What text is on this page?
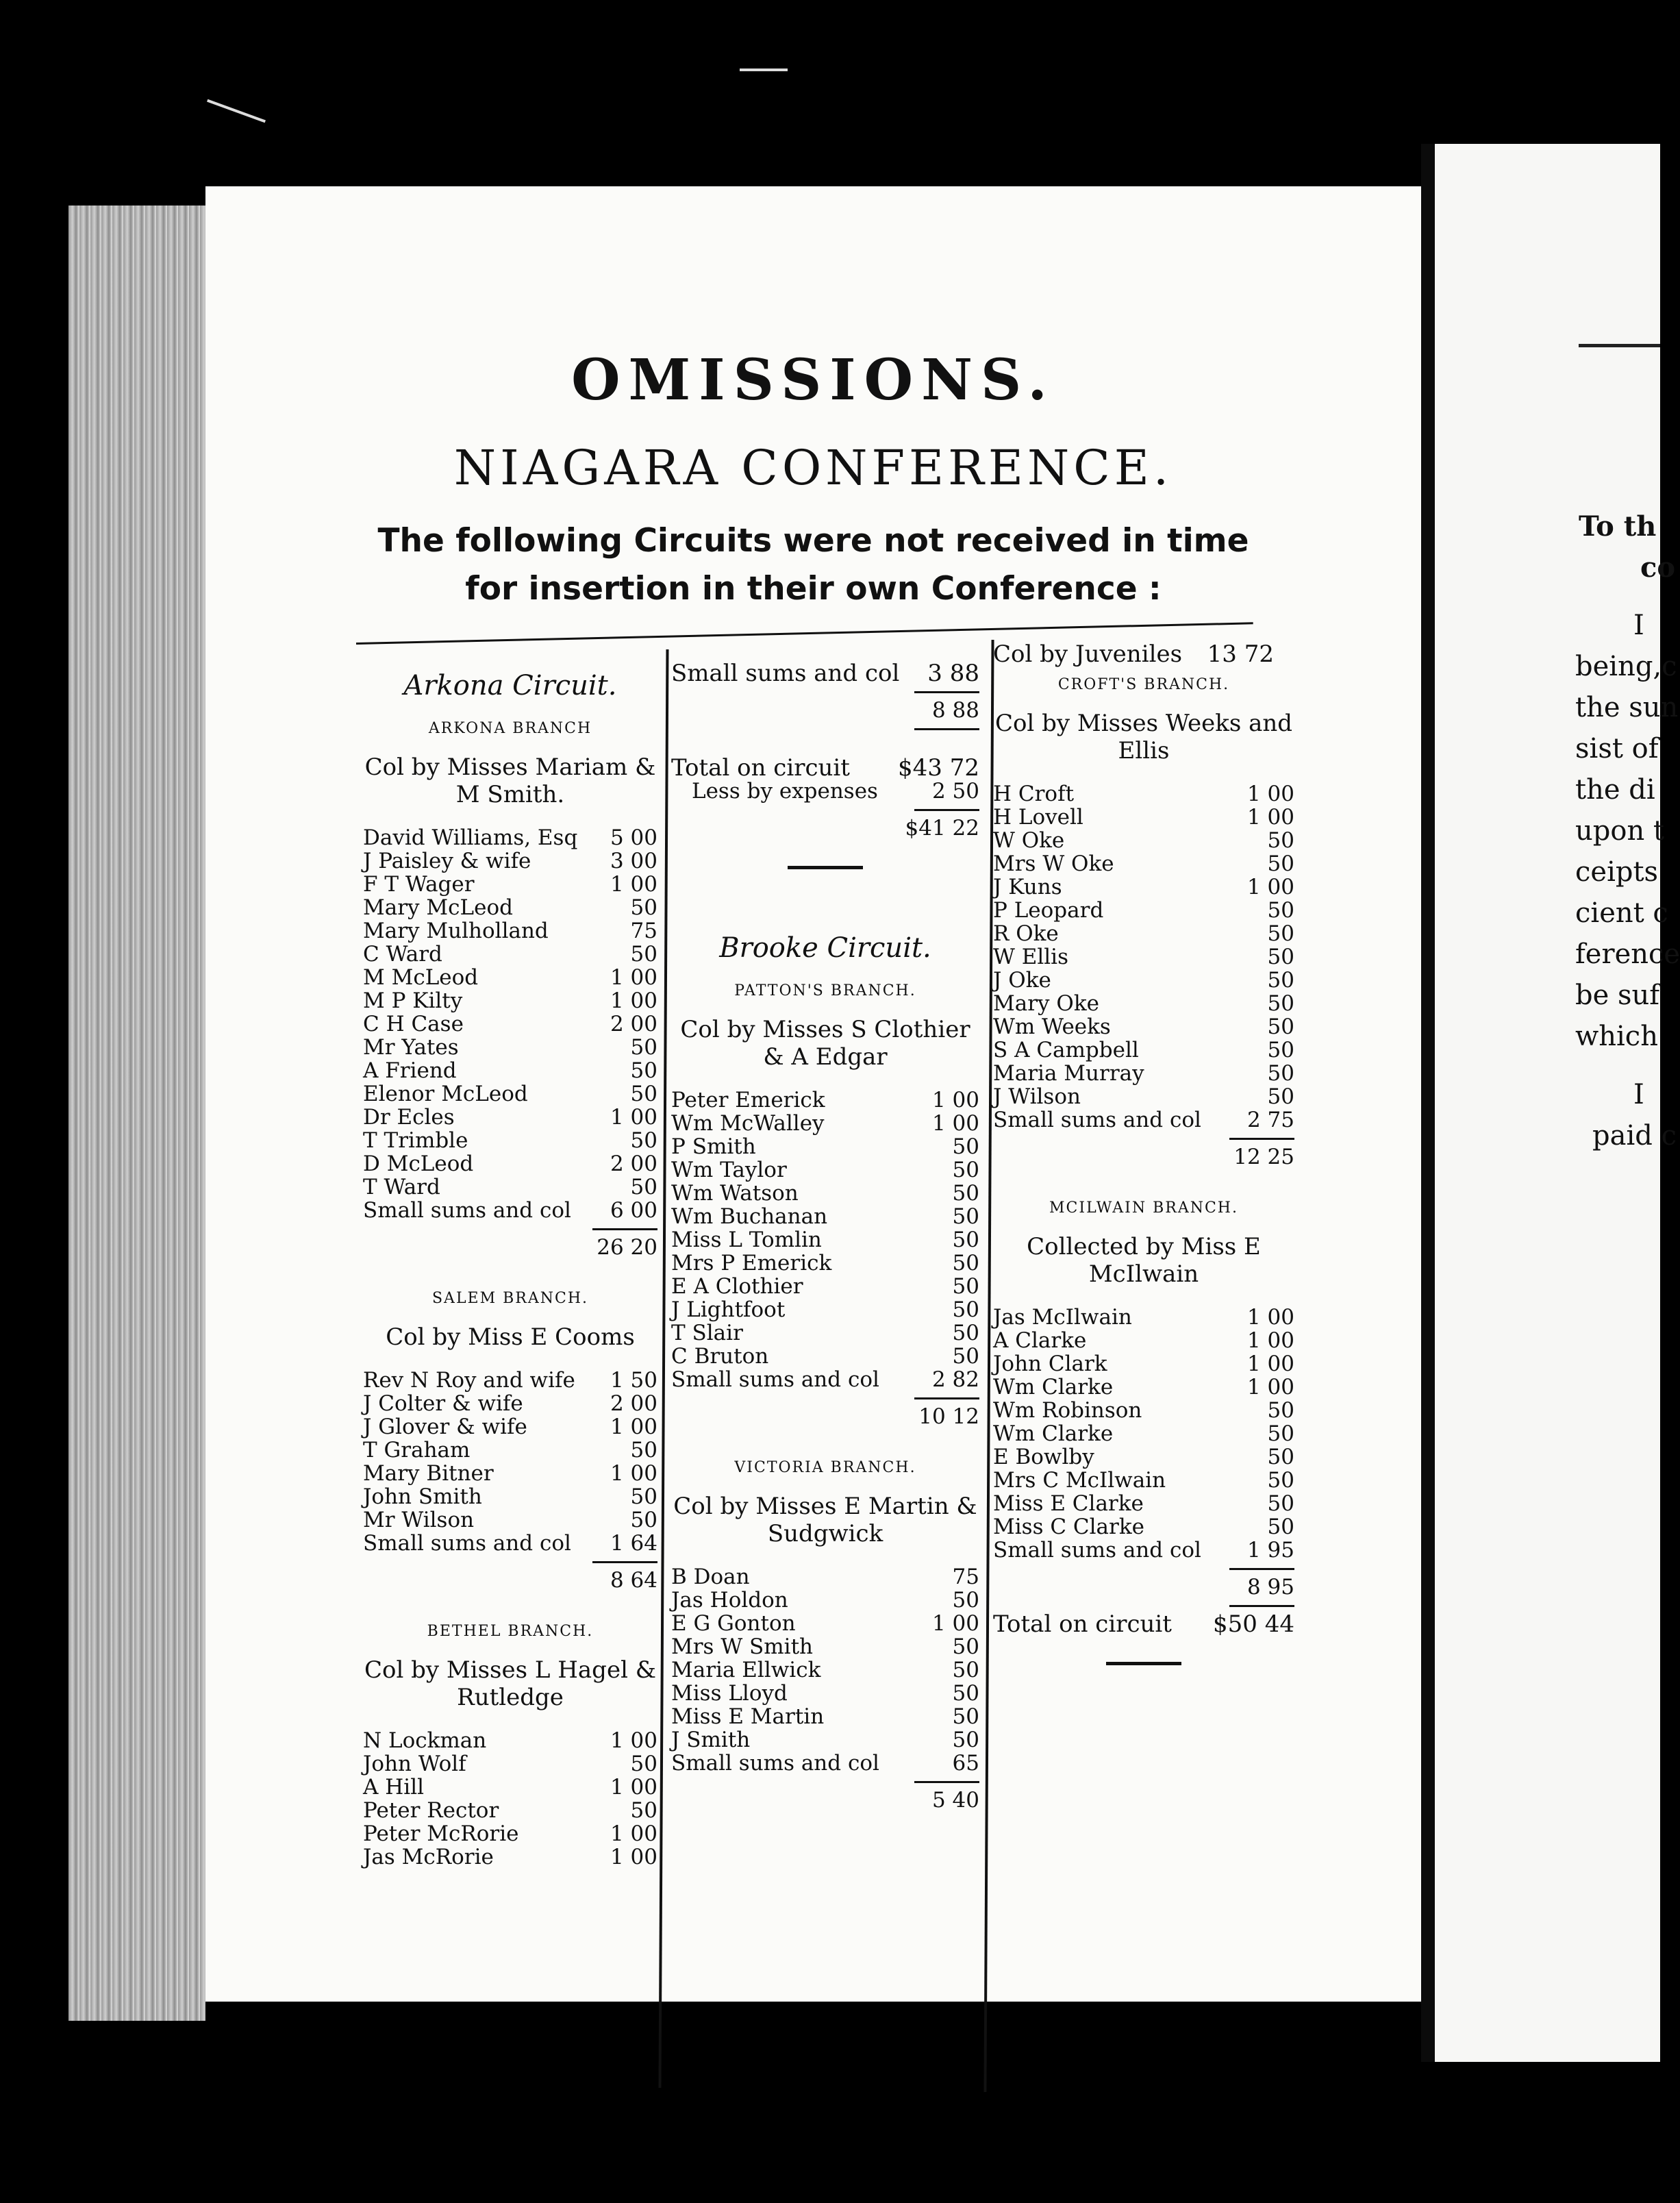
OMISSIONS.
NIAGARA CONFERENCE.
The following Circuits were not received in time
for insertion in their own Conference :
Arkona Circuit.
ARKONA BRANCH
Col by Misses Mariam & M Smith.
David Williams, Esq 5 00
J Paisley & wife	3 00
F T Wager	1 00
Mary McLeod	50
Mary Mulholland	75
C Ward	50
M McLeod	1 00
M P Kilty	1 00
C H Case	2 00
Mr Yates	50
A Friend	50
Elenor McLeod	50
Dr Ecles	1 00
T Trimble	50
D McLeod	2 00
T Ward	50
Small sums and col 6 00
26 20
SALEM BRANCH.
Col by Miss E Cooms
Rev N Roy and wife 1 50
J Colter & wife	2 00
J Glover & wife	1 00
T Graham	50
Mary Bitner	1 00
John Smith	50
Mr Wilson	50
Small sums and col 1 64
8 64
BETHEL BRANCH.
Col by Misses L Hagel & Rutledge
N Lockman	1 00
John Wolf	50
A Hill	1 00
Peter Rector	50
Peter McRorie	1 00
Jas McRorie	1 00
Small sums and col 3 88
8 88
Total on circuit $43 72
Less by expenses	2 50
$41 22
Brooke Circuit.
PATTON'S BRANCH.
Col by Misses S Clothier & A Edgar
Peter Emerick	1 00
Wm McWalley	1 00
P Smith	50
Wm Taylor	50
Wm Watson	50
Wm Buchanan	50
Miss L Tomlin	50
Mrs P Emerick	50
E A Clothier	50
J Lightfoot	50
T Slair	50
C Bruton	50
Small sums and col 2 82
10 12
VICTORIA BRANCH.
Col by Misses E Martin & Sudgwick
B Doan	75
Jas Holdon	50
E G Gonton	1 00
Mrs W Smith	50
Maria Ellwick	50
Miss Lloyd	50
Miss E Martin	50
J Smith	50
Small sums and col	65
5 40
Col by Juveniles 13 72
CROFT'S BRANCH.
Col by Misses Weeks and Ellis
H Croft	1 00
H Lovell	1 00
W Oke	50
Mrs W Oke	50
J Kuns	1 00
P Leopard	50
R Oke	50
W Ellis	50
J Oke	50
Mary Oke	50
Wm Weeks	50
S A Campbell	50
Maria Murray	50
J Wilson	50
Small sums and col 2 75
12 25
MCILWAIN BRANCH.
Collected by Miss E McIlwain
Jas McIlwain	1 00
A Clarke	1 00
John Clark	1 00
Wm Clarke	1 00
Wm Robinson	50
Wm Clarke	50
E Bowlby	50
Mrs C McIlwain	50
Miss E Clarke	50
Miss C Clarke	50
Small sums and col 1 95
8 95
Total on circuit $50 44
To th
co
I
being,c
the sun
sist of
the di
upon t
ceipts
cient c
ference
be suf
which
I
paid c
